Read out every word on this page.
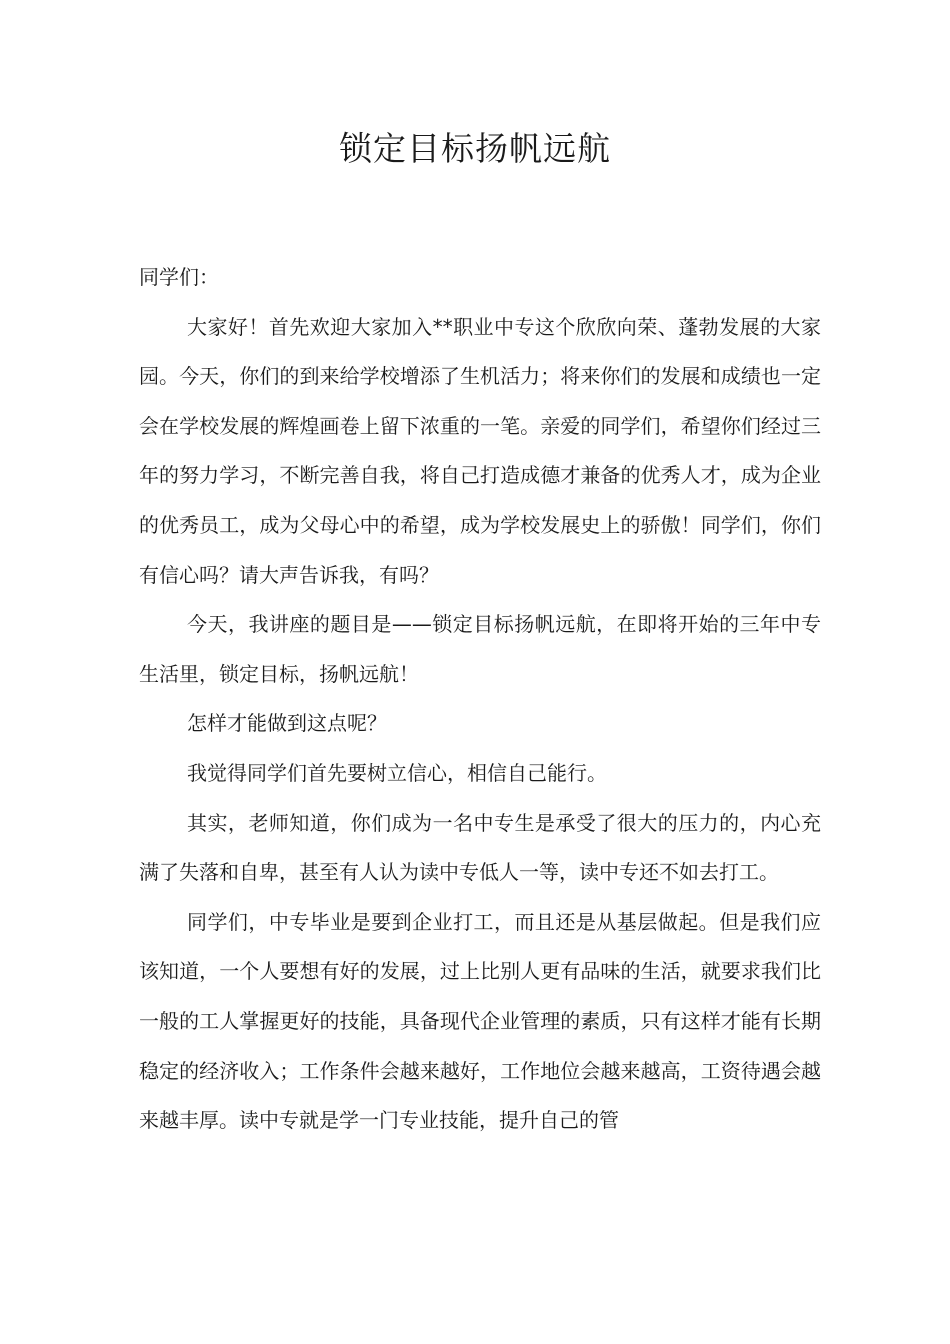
锁定目标扬帆远航

同学们：

大家好！首先欢迎大家加入**职业中专这个欣欣向荣、蓬勃发展的大家园。今天，你们的到来给学校增添了生机活力；将来你们的发展和成绩也一定会在学校发展的辉煌画卷上留下浓重的一笔。亲爱的同学们，希望你们经过三年的努力学习，不断完善自我，将自己打造成德才兼备的优秀人才，成为企业的优秀员工，成为父母心中的希望，成为学校发展史上的骄傲！同学们，你们有信心吗？请大声告诉我，有吗？

今天，我讲座的题目是——锁定目标扬帆远航，在即将开始的三年中专生活里，锁定目标，扬帆远航！

怎样才能做到这点呢？

我觉得同学们首先要树立信心，相信自己能行。

其实，老师知道，你们成为一名中专生是承受了很大的压力的，内心充满了失落和自卑，甚至有人认为读中专低人一等，读中专还不如去打工。

同学们，中专毕业是要到企业打工，而且还是从基层做起。但是我们应该知道，一个人要想有好的发展，过上比别人更有品味的生活，就要求我们比一般的工人掌握更好的技能，具备现代企业管理的素质，只有这样才能有长期稳定的经济收入；工作条件会越来越好，工作地位会越来越高，工资待遇会越来越丰厚。读中专就是学一门专业技能，提升自己的管
